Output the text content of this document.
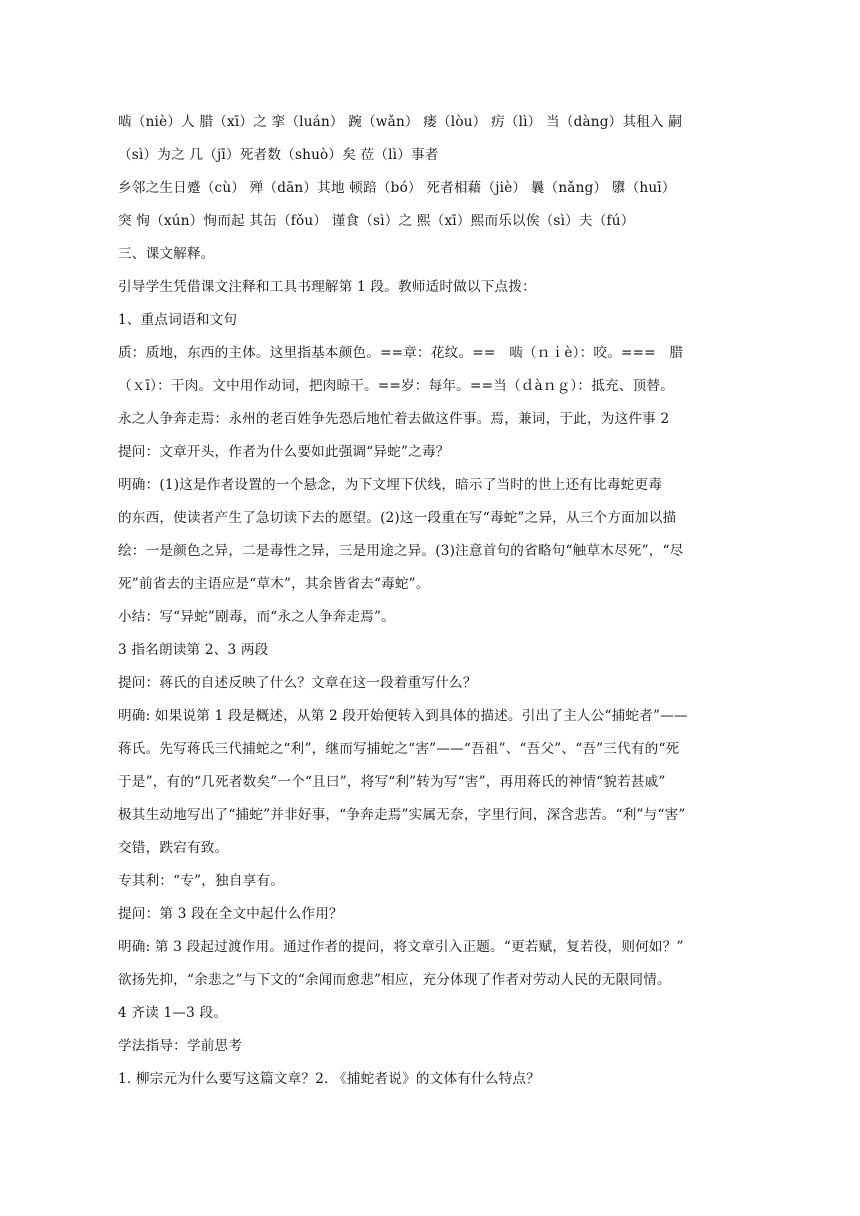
啮（niè）人 腊（xī）之 挛（luán） 踠（wǎn） 瘘（lòu） 疠（lì） 当（dàng）其租入 嗣
（sì）为之 几（jī）死者数（shuò）矣 莅（lì）事者
乡邻之生日蹙（cù） 殚（dān）其地 顿踣（bó） 死者相藉（jiè） 曩（nǎng） 隳（huī）
突 恂（xún）恂而起 其缶（fǒu） 谨食（sì）之 熙（xī）熙而乐以俟（sì）夫（fú）
三、课文解释。
引导学生凭借课文注释和工具书理解第 1 段。教师适时做以下点拨：
1、重点词语和文句
质：质地，东西的主体。这里指基本颜色。==章：花纹。==　啮（ｎｉè）：咬。===　腊
（ｘī）：干肉。文中用作动词，把肉晾干。==岁：每年。==当（ｄàｎｇ）：抵充、顶替。
永之人争奔走焉：永州的老百姓争先恐后地忙着去做这件事。焉，兼词，于此，为这件事 2
提问：文章开头，作者为什么要如此强调“异蛇”之毒？
明确：(1)这是作者设置的一个悬念，为下文埋下伏线，暗示了当时的世上还有比毒蛇更毒
的东西，使读者产生了急切读下去的愿望。(2)这一段重在写“毒蛇”之异，从三个方面加以描
绘：一是颜色之异，二是毒性之异，三是用途之异。(3)注意首句的省略句“触草木尽死”，“尽
死”前省去的主语应是“草木”，其余皆省去“毒蛇”。
小结：写“异蛇”剧毒，而“永之人争奔走焉”。
3 指名朗读第 2、3 两段
提问：蒋氏的自述反映了什么？文章在这一段着重写什么？
明确: 如果说第 1 段是概述，从第 2 段开始便转入到具体的描述。引出了主人公“捕蛇者”——
蒋氏。先写蒋氏三代捕蛇之“利”，继而写捕蛇之“害”——“吾祖”、“吾父”、“吾”三代有的“死
于是”，有的“几死者数矣”一个“且曰”，将写“利”转为写“害”，再用蒋氏的神情“貌若甚戚”
极其生动地写出了“捕蛇”并非好事，“争奔走焉”实属无奈，字里行间，深含悲苦。“利”与“害”
交错，跌宕有致。
专其利：“专”，独自享有。
提问：第 3 段在全文中起什么作用？
明确: 第 3 段起过渡作用。通过作者的提问，将文章引入正题。“更若赋，复若役，则何如？”
欲扬先抑，“余悲之”与下文的“余闻而愈悲”相应，充分体现了作者对劳动人民的无限同情。
4 齐读 1—3 段。
学法指导：学前思考
1. 柳宗元为什么要写这篇文章？2. 《捕蛇者说》的文体有什么特点？
